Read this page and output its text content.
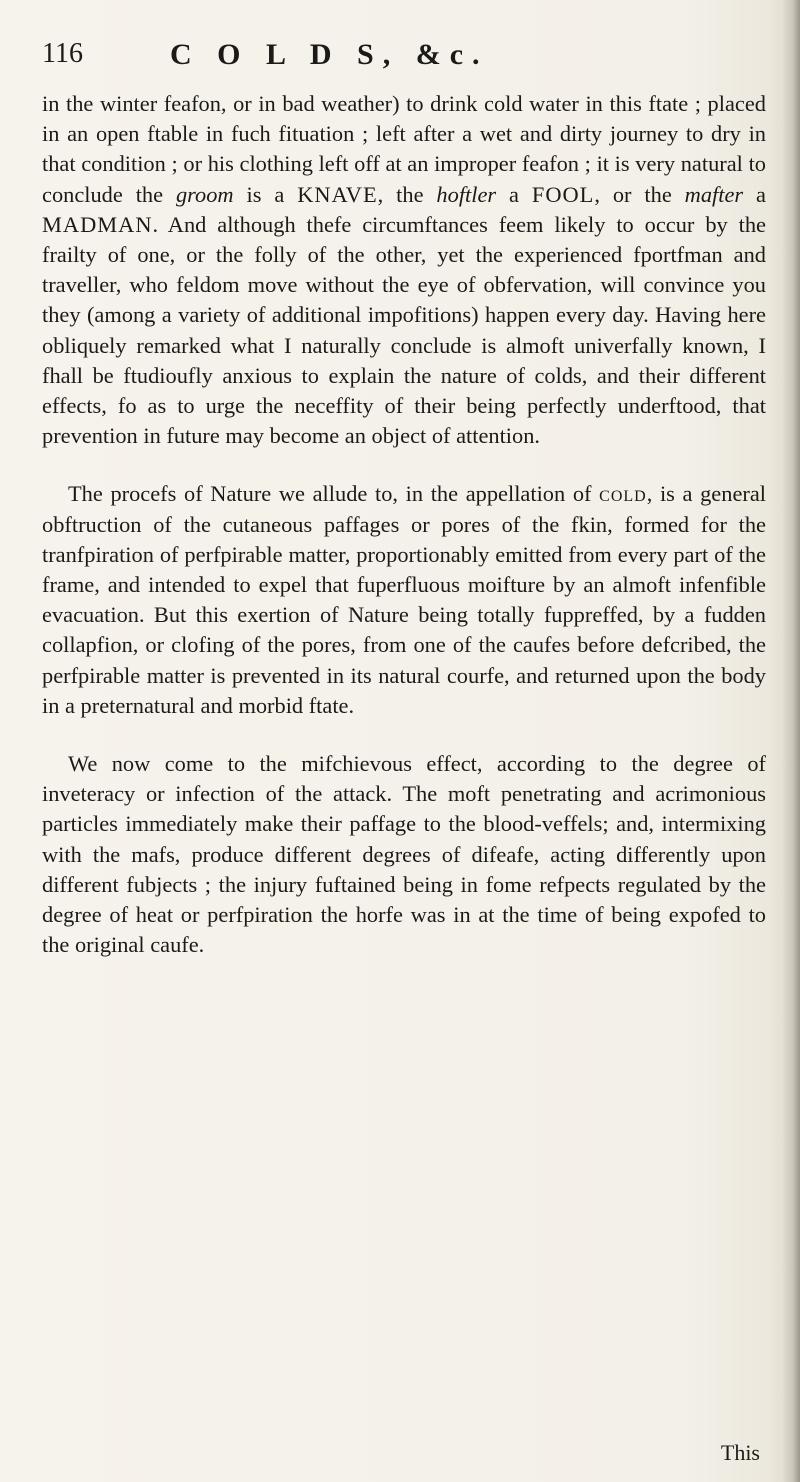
116	C O L D S, &c.

in the winter feafon, or in bad weather) to drink cold water in this ftate ; placed in an open ftable in fuch fituation ; left after a wet and dirty journey to dry in that condition ; or his clothing left off at an improper feafon ; it is very natural to conclude the groom is a KNAVE, the hoftler a FOOL, or the mafter a MADMAN. And although thefe circumftances feem likely to occur by the frailty of one, or the folly of the other, yet the experienced fportfman and traveller, who feldom move without the eye of obfervation, will convince you they (among a variety of additional impofitions) happen every day. Having here obliquely remarked what I naturally conclude is almoft univerfally known, I fhall be ftudioufly anxious to explain the nature of colds, and their different effects, fo as to urge the neceffity of their being perfectly underftood, that prevention in future may become an object of attention.

The procefs of Nature we allude to, in the appellation of cold, is a general obftruction of the cutaneous paffages or pores of the fkin, formed for the tranfpiration of perfpirable matter, proportionably emitted from every part of the frame, and intended to expel that fuperfluous moifture by an almoft infenfible evacuation. But this exertion of Nature being totally fuppreffed, by a fudden collapfion, or clofing of the pores, from one of the caufes before defcribed, the perfpirable matter is prevented in its natural courfe, and returned upon the body in a preternatural and morbid ftate.

We now come to the mifchievous effect, according to the degree of inveteracy or infection of the attack. The moft penetrating and acrimonious particles immediately make their paffage to the blood-veffels; and, intermixing with the mafs, produce different degrees of difeafe, acting differently upon different fubjects ; the injury fuftained being in fome refpects regulated by the degree of heat or perfpiration the horfe was in at the time of being expofed to the original caufe.

This
